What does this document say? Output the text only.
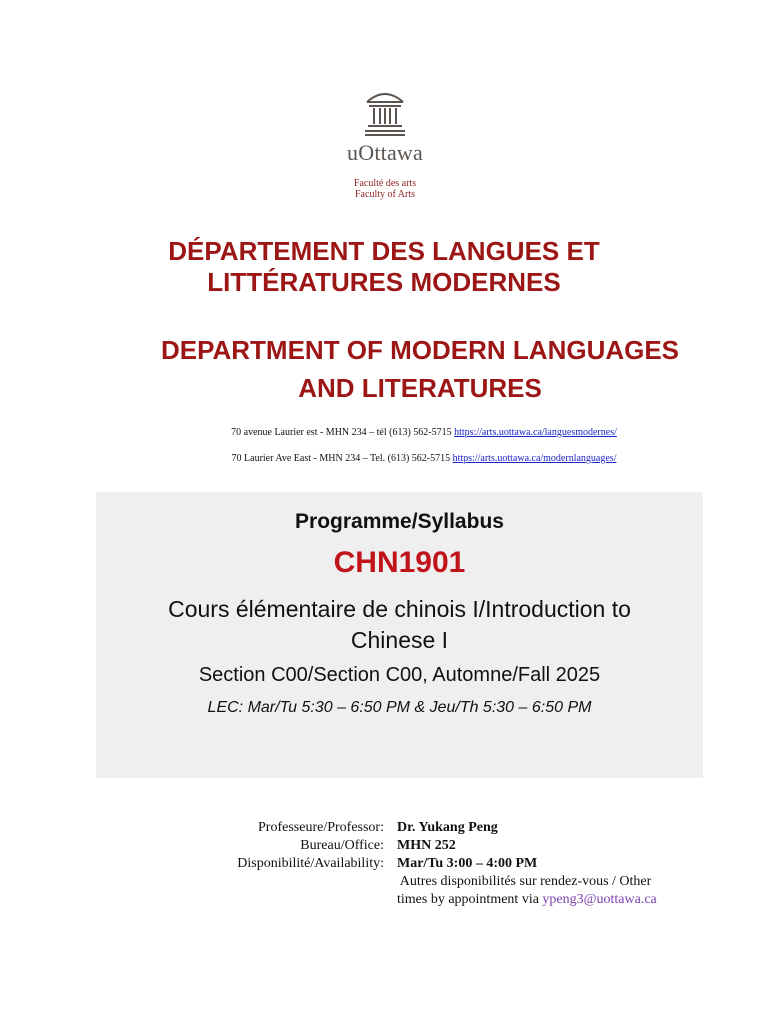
uOttawa
Faculté des arts
Faculty of Arts
DÉPARTEMENT DES LANGUES ET
LITTÉRATURES MODERNES
DEPARTMENT OF MODERN LANGUAGES
AND LITERATURES
70 avenue Laurier est - MHN 234 – tél (613) 562-5715 https://arts.uottawa.ca/languesmodernes/
70 Laurier Ave East - MHN 234 – Tel. (613) 562-5715 https://arts.uottawa.ca/modernlanguages/
Programme/Syllabus
CHN1901
Cours élémentaire de chinois I/Introduction to
Chinese I
Section C00/Section C00, Automne/Fall 2025
LEC: Mar/Tu 5:30 – 6:50 PM & Jeu/Th 5:30 – 6:50 PM
Professeure/Professor: Dr. Yukang Peng
Bureau/Office: MHN 252
Disponibilité/Availability: Mar/Tu 3:00 – 4:00 PM
Autres disponibilités sur rendez-vous / Other
times by appointment via ypeng3@uottawa.ca
